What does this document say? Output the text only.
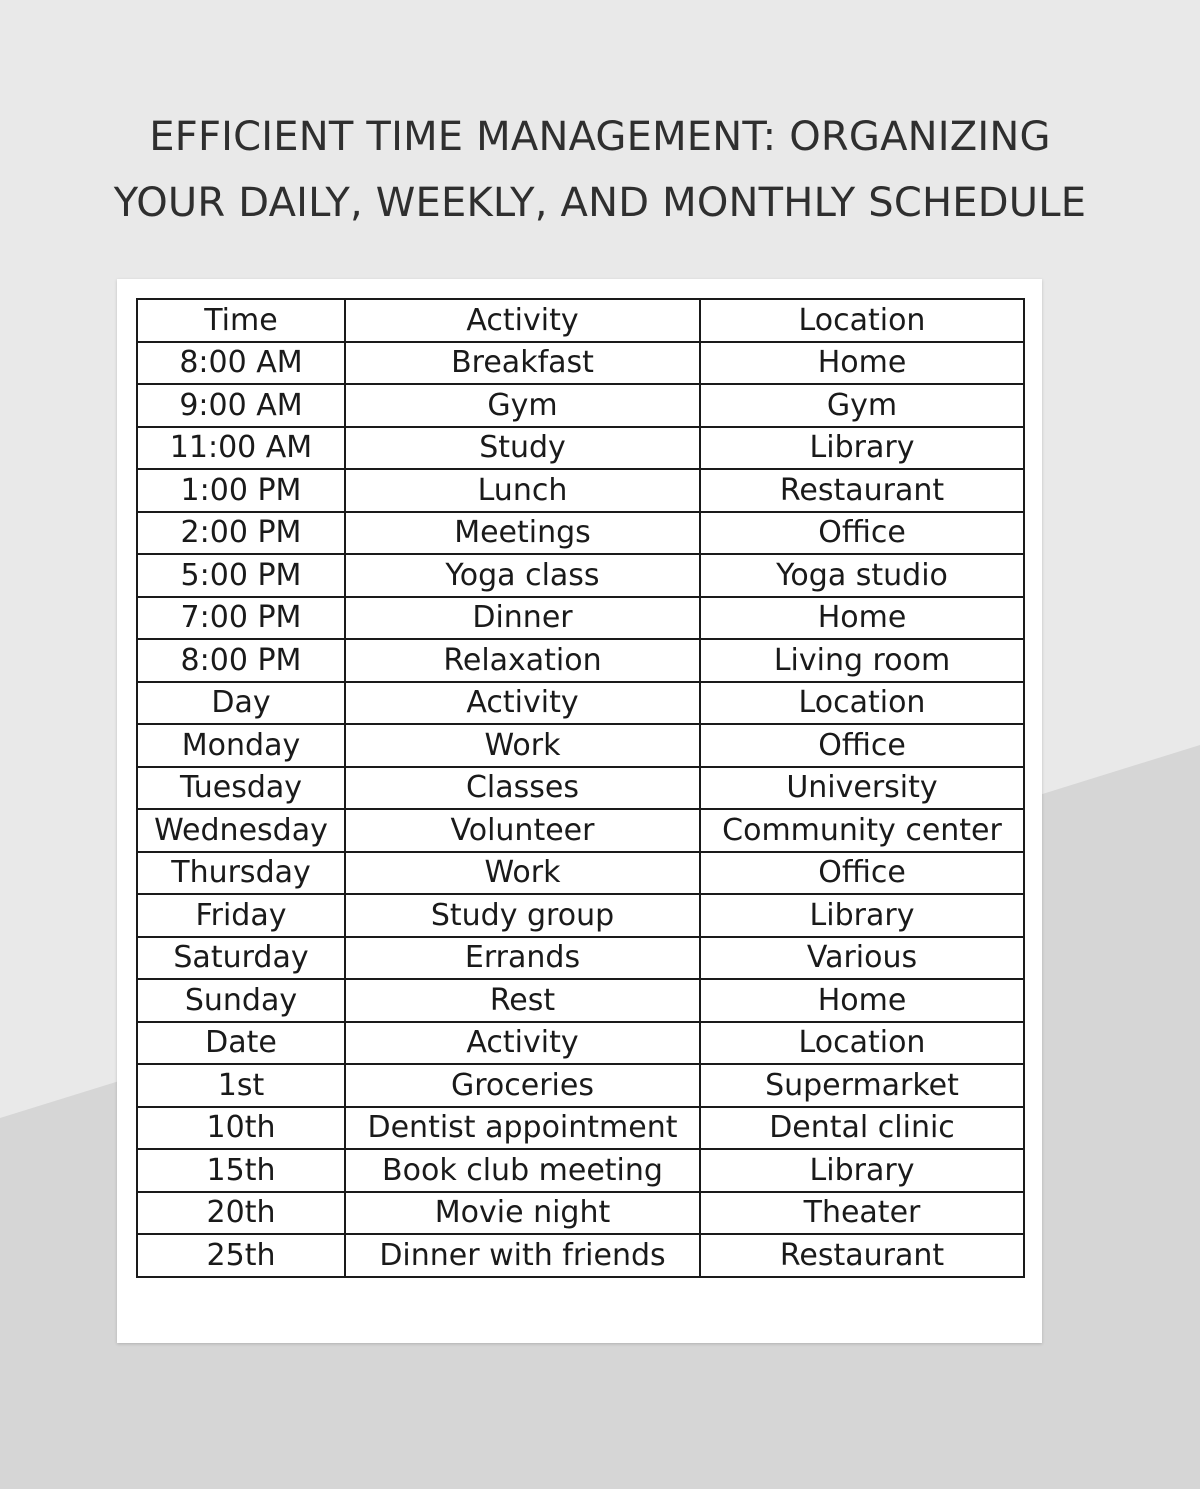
EFFICIENT TIME MANAGEMENT: ORGANIZING
YOUR DAILY, WEEKLY, AND MONTHLY SCHEDULE
Time	Activity	Location
8:00 AM	Breakfast	Home
9:00 AM	Gym	Gym
11:00 AM	Study	Library
1:00 PM	Lunch	Restaurant
2:00 PM	Meetings	Office
5:00 PM	Yoga class	Yoga studio
7:00 PM	Dinner	Home
8:00 PM	Relaxation	Living room
Day	Activity	Location
Monday	Work	Office
Tuesday	Classes	University
Wednesday	Volunteer	Community center
Thursday	Work	Office
Friday	Study group	Library
Saturday	Errands	Various
Sunday	Rest	Home
Date	Activity	Location
1st	Groceries	Supermarket
10th	Dentist appointment	Dental clinic
15th	Book club meeting	Library
20th	Movie night	Theater
25th	Dinner with friends	Restaurant
